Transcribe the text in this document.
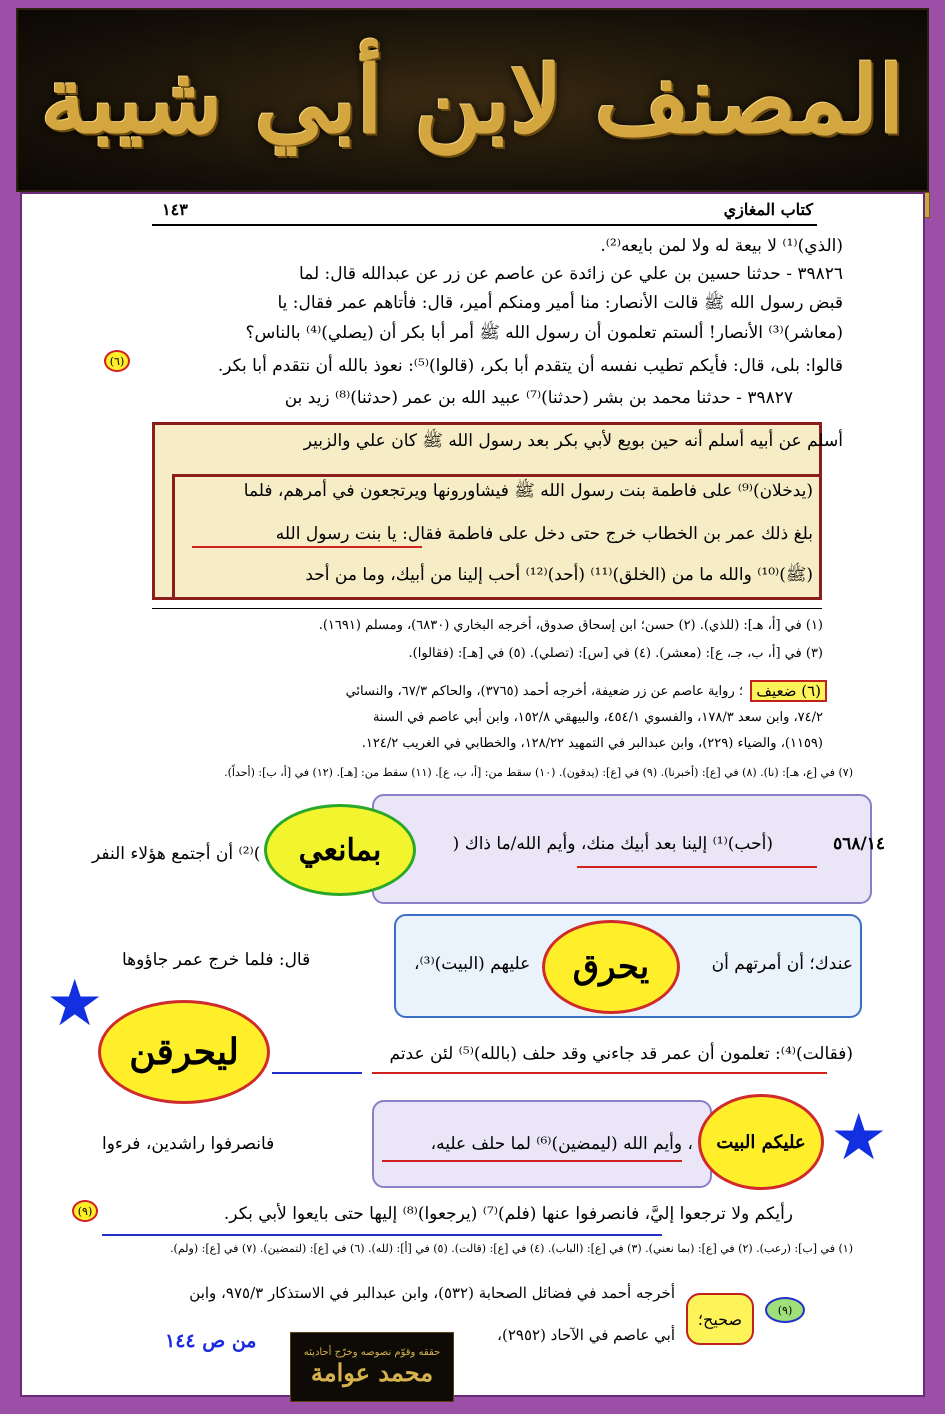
المصنف لابن أبي شيبة
١٤٣	كتاب المغازي
(الذي)⁽¹⁾ لا بيعة له ولا لمن بايعه⁽²⁾.
٣٩٨٢٦ - حدثنا حسين بن علي عن زائدة عن عاصم عن زر عن عبدالله قال: لما
قبض رسول الله ﷺ قالت الأنصار: منا أمير ومنكم أمير، قال: فأتاهم عمر فقال: يا
(معاشر)⁽³⁾ الأنصار! ألستم تعلمون أن رسول الله ﷺ أمر أبا بكر أن (يصلي)⁽⁴⁾ بالناس؟
قالوا: بلى، قال: فأيكم تطيب نفسه أن يتقدم أبا بكر، (قالوا)⁽⁵⁾: نعوذ بالله أن نتقدم أبا بكر.
(٦)
٣٩٨٢٧ - حدثنا محمد بن بشر (حدثنا)⁽⁷⁾ عبيد الله بن عمر (حدثنا)⁽⁸⁾ زيد بن
أسلم عن أبيه أسلم أنه حين بويع لأبي بكر بعد رسول الله ﷺ كان علي والزبير
(يدخلان)⁽⁹⁾ على فاطمة بنت رسول الله ﷺ فيشاورونها ويرتجعون في أمرهم، فلما
بلغ ذلك عمر بن الخطاب خرج حتى دخل على فاطمة فقال: يا بنت رسول الله
(ﷺ)⁽¹⁰⁾ والله ما من (الخلق)⁽¹¹⁾ (أحد)⁽¹²⁾ أحب إلينا من أبيك، وما من أحد
(١) في [أ، هـ]: (للذي). (٢) حسن؛ ابن إسحاق صدوق، أخرجه البخاري (٦٨٣٠)، ومسلم (١٦٩١).
(٣) في [أ، ب، جـ، ع]: (معشر). (٤) في [س]: (تصلي). (٥) في [هـ]: (فقالوا).
(٦) ضعيف
؛ رواية عاصم عن زر ضعيفة، أخرجه أحمد (٣٧٦٥)، والحاكم ٦٧/٣، والنسائي
٧٤/٢، وابن سعد ١٧٨/٣، والفسوي ٤٥٤/١، والبيهقي ١٥٢/٨، وابن أبي عاصم في السنة
(١١٥٩)، والضياء (٢٢٩)، وابن عبدالبر في التمهيد ١٢٨/٢٢، والخطابي في الغريب ١٢٤/٢.
(٧) في [ع، هـ]: (نا). (٨) في [ع]: (أخبرنا). (٩) في [ع]: (يدقون). (١٠) سقط من: [أ، ب، ع]. (١١) سقط من: [هـ]. (١٢) في [أ، ب]: (أحداً).
٥٦٨/١٤
(أحب)⁽¹⁾ إلينا بعد أبيك منك، وأيم الله/ما ذاك (
بمانعي
)⁽²⁾ أن أجتمع هؤلاء النفر
عندك؛ أن أمرتهم أن
يحرق
عليهم (البيت)⁽³⁾،
قال: فلما خرج عمر جاؤوها
★
ليحرقن	(فقالت)⁽⁴⁾: تعلمون أن عمر قد جاءني وقد حلف (بالله)⁽⁵⁾ لئن عدتم
عليكم البيت
، وأيم الله (ليمضين)⁽⁶⁾ لما حلف عليه،
فانصرفوا راشدين، فرءوا	★
رأيكم ولا ترجعوا إليَّ، فانصرفوا عنها (فلم)⁽⁷⁾ (يرجعوا)⁽⁸⁾ إليها حتى بايعوا لأبي بكر.
(٩)
(١) في [ب]: (رعب). (٢) في [ع]: (بما نعني). (٣) في [ع]: (الباب). (٤) في [ع]: (قالت). (٥) في [أ]: (لله). (٦) في [ع]: (لتمضين). (٧) في [ع]: (ولم).
(٩)
صحيح؛
أخرجه أحمد في فضائل الصحابة (٥٣٢)، وابن عبدالبر في الاستذكار ٩٧٥/٣، وابن
أبي عاصم في الآحاد (٢٩٥٢)،
من ص ١٤٤
حققه وقوّم نصوصه وخرّج أحاديثه
محمد عوامة
